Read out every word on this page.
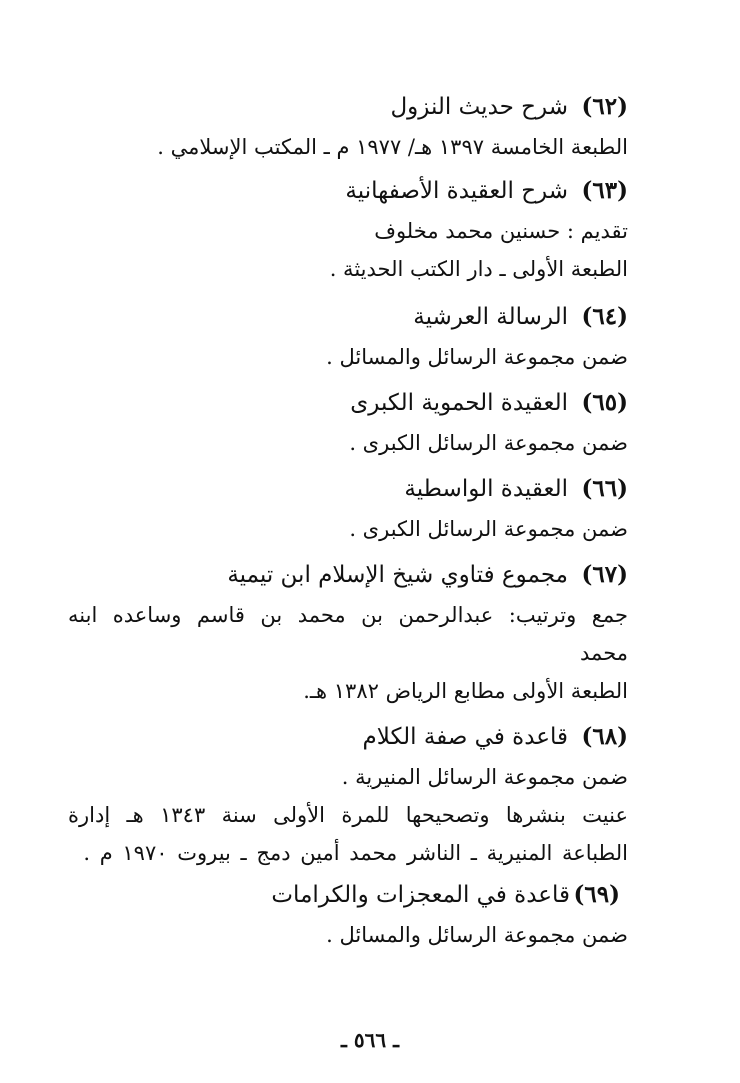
(٦٢)
شرح حديث النزول
الطبعة الخامسة ١٣٩٧ هـ/ ١٩٧٧ م ـ المكتب الإسلامي .
(٦٣)
شرح العقيدة الأصفهانية
تقديم : حسنين محمد مخلوف
الطبعة الأولى ـ دار الكتب الحديثة .
(٦٤)
الرسالة العرشية
ضمن مجموعة الرسائل والمسائل .
(٦٥)
العقيدة الحموية الكبرى
ضمن مجموعة الرسائل الكبرى .
(٦٦)
العقيدة الواسطية
ضمن مجموعة الرسائل الكبرى .
(٦٧)
مجموع فتاوي شيخ الإسلام ابن تيمية
جمع وترتيب: عبدالرحمن بن محمد بن قاسم وساعده ابنه محمد
الطبعة الأولى مطابع الرياض ١٣٨٢ هـ.
(٦٨)
قاعدة في صفة الكلام
ضمن مجموعة الرسائل المنيرية .
عنيت بنشرها وتصحيحها للمرة الأولى سنة ١٣٤٣ هـ إدارة الطباعة المنيرية ـ الناشر محمد أمين دمج ـ بيروت ١٩٧٠ م .
(٦٩)
قاعدة في المعجزات والكرامات
ضمن مجموعة الرسائل والمسائل .
ـ ٥٦٦ ـ
